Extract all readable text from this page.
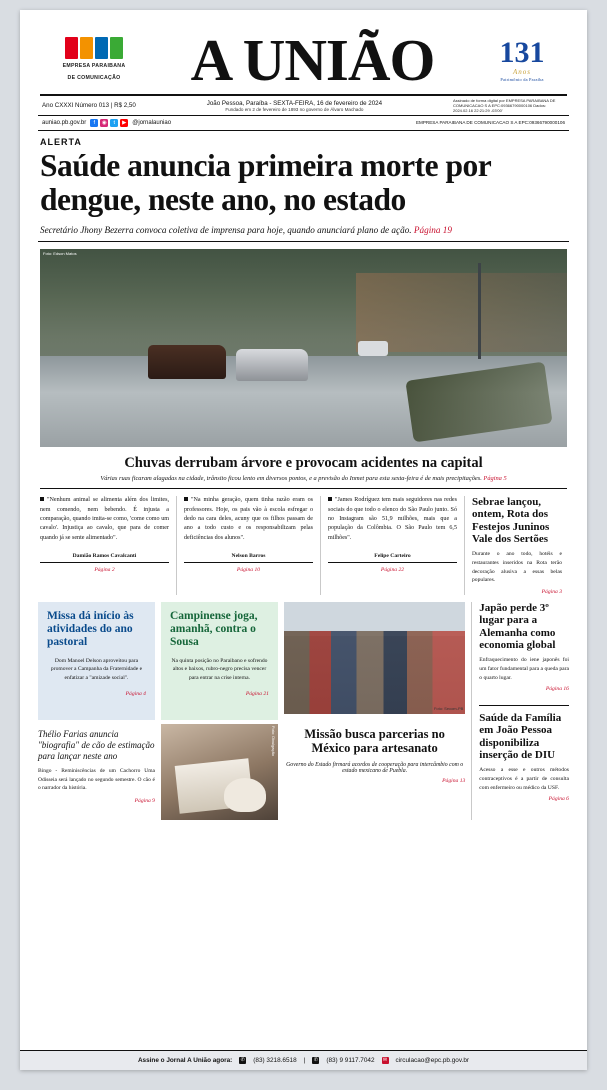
EMPRESA PARAIBANA
DE COMUNICAÇÃO	A UNIÃO	131
Anos
Patrimônio da Paraíba
Ano CXXXI Número 013 | R$ 2,50	João Pessoa, Paraíba - SEXTA-FEIRA, 16 de fevereiro de 2024
Fundado em 2 de fevereiro de 1893 no governo de Álvaro Machado
Assinado de forma digital por EMPRESA PARAIBANA DE COMUNICACAO S A EPC:09366790000106 Dados: 2024.02.16 22:21:29 -03'00'
auniao.pb.gov.br	f	◉	t	▶ @jornalauniao	EMPRESA PARAIBANA DE COMUNICACAO S A EPC:09366790000106
ALERTA
Saúde anuncia primeira morte por dengue, neste ano, no estado
Secretário Jhony Bezerra convoca coletiva de imprensa para hoje, quando anunciará plano de ação. Página 19
Foto: Edson Matos
Chuvas derrubam árvore e provocam acidentes na capital
Várias ruas ficaram alagadas na cidade, trânsito ficou lento em diversos pontos, e a previsão do Inmet para esta sexta-feira é de mais precipitações. Página 5
"Nenhum animal se alimenta além dos limites, nem comendo, nem bebendo. É injusta a comparação, quando imita-se como, 'come como um cavalo'. Injustiça ao cavalo, que para de comer quando já se sente alimentado".
Damião Ramos Cavalcanti
Página 2
"Na minha geração, quem tinha razão eram os professores. Hoje, os pais vão à escola esfregar o dedo na cara deles, acuny que os filhos passam de ano a todo custo e os responsabilizam pelas deficiências dos alunos".
Nelson Barros
Página 10
"James Rodríguez tem mais seguidores nas redes sociais do que todo o elenco do São Paulo junto. Só no Instagram são 51,9 milhões, mais que a população da Colômbia. O São Paulo tem 6,5 milhões".
Felipe Carteiro
Página 22
Sebrae lançou, ontem, Rota dos Festejos Juninos Vale dos Sertões
Durante o ano todo, hotéis e restaurantes inseridos na Rota terão decoração alusiva a essas belas populares.
Página 3
Missa dá início às atividades do ano pastoral
Dom Manoel Delson aproveitou para promover a Campanha da Fraternidade e enfatizar a "amizade social".
Página 4
Thélio Farias anuncia "biografia" de cão de estimação para lançar neste ano
Bingo - Reminiscências de um Cachorro Uma Odisseia será lançado no segundo semestre. O cão é o narrador da história.
Página 9
Campinense joga, amanhã, contra o Sousa
Na quinta posição no Paraibano e sofrendo altos e baixos, rubro-negro precisa vencer para entrar na crise interna.
Página 21
Foto: Divulgação
Foto: Secom-PB
Missão busca parcerias no México para artesanato
Governo do Estado firmará acordos de cooperação para intercâmbio com o estado mexicano de Puebla.
Página 13
Japão perde 3º lugar para a Alemanha como economia global
Enfraquecimento do iene japonês foi um fator fundamental para a queda para o quarto lugar.
Página 16
Saúde da Família em João Pessoa disponibiliza inserção de DIU
Acesso a esse e outros métodos contraceptivos é a partir de consulta com enfermeiro ou médico da USF.
Página 6
Assine o Jornal A União agora: ✆ (83) 3218.6518 | ✆ (83) 9 9117.7042 ✉ circulacao@epc.pb.gov.br
